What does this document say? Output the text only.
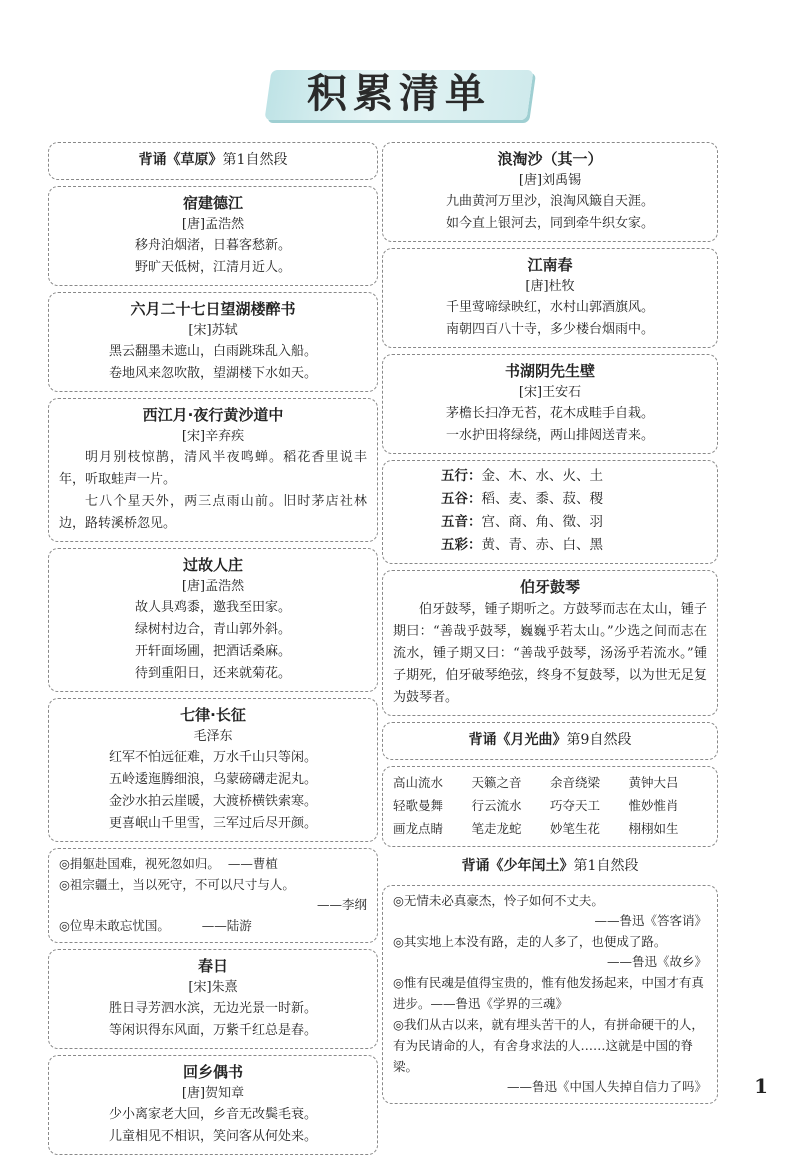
积累清单
背诵《草原》第1自然段
宿建德江
[唐]孟浩然
移舟泊烟渚，日暮客愁新。
野旷天低树，江清月近人。
六月二十七日望湖楼醉书
[宋]苏轼
黑云翻墨未遮山，白雨跳珠乱入船。
卷地风来忽吹散，望湖楼下水如天。
西江月·夜行黄沙道中
[宋]辛弃疾
明月别枝惊鹊，清风半夜鸣蝉。稻花香里说丰年，听取蛙声一片。
七八个星天外，两三点雨山前。旧时茅店社林边，路转溪桥忽见。
过故人庄
[唐]孟浩然
故人具鸡黍，邀我至田家。
绿树村边合，青山郭外斜。
开轩面场圃，把酒话桑麻。
待到重阳日，还来就菊花。
七律·长征
毛泽东
红军不怕远征难，万水千山只等闲。
五岭逶迤腾细浪，乌蒙磅礴走泥丸。
金沙水拍云崖暖，大渡桥横铁索寒。
更喜岷山千里雪，三军过后尽开颜。
◎捐躯赴国难，视死忽如归。 ——曹植
◎祖宗疆土，当以死守，不可以尺寸与人。
——李纲
◎位卑未敢忘忧国。	——陆游
春日
[宋]朱熹
胜日寻芳泗水滨，无边光景一时新。
等闲识得东风面，万紫千红总是春。
回乡偶书
[唐]贺知章
少小离家老大回，乡音无改鬓毛衰。
儿童相见不相识，笑问客从何处来。
浪淘沙（其一）
[唐]刘禹锡
九曲黄河万里沙，浪淘风簸自天涯。
如今直上银河去，同到牵牛织女家。
江南春
[唐]杜牧
千里莺啼绿映红，水村山郭酒旗风。
南朝四百八十寺，多少楼台烟雨中。
书湖阴先生壁
[宋]王安石
茅檐长扫净无苔，花木成畦手自栽。
一水护田将绿绕，两山排闼送青来。
五行：金、木、水、火、土
五谷：稻、麦、黍、菽、稷
五音：宫、商、角、徵、羽
五彩：黄、青、赤、白、黑
伯牙鼓琴
伯牙鼓琴，锺子期听之。方鼓琴而志在太山，锺子期曰：“善哉乎鼓琴，巍巍乎若太山。”少选之间而志在流水，锺子期又曰：“善哉乎鼓琴，汤汤乎若流水。”锺子期死，伯牙破琴绝弦，终身不复鼓琴，以为世无足复为鼓琴者。
背诵《月光曲》第9自然段
高山流水	天籁之音	余音绕梁	黄钟大吕
轻歌曼舞	行云流水	巧夺天工	惟妙惟肖
画龙点睛	笔走龙蛇	妙笔生花	栩栩如生
背诵《少年闰土》第1自然段
◎无情未必真豪杰，怜子如何不丈夫。
——鲁迅《答客诮》
◎其实地上本没有路，走的人多了，也便成了路。
——鲁迅《故乡》
◎惟有民魂是值得宝贵的，惟有他发扬起来，中国才有真进步。——鲁迅《学界的三魂》
◎我们从古以来，就有埋头苦干的人，有拼命硬干的人，有为民请命的人，有舍身求法的人……这就是中国的脊梁。
——鲁迅《中国人失掉自信力了吗》 1
